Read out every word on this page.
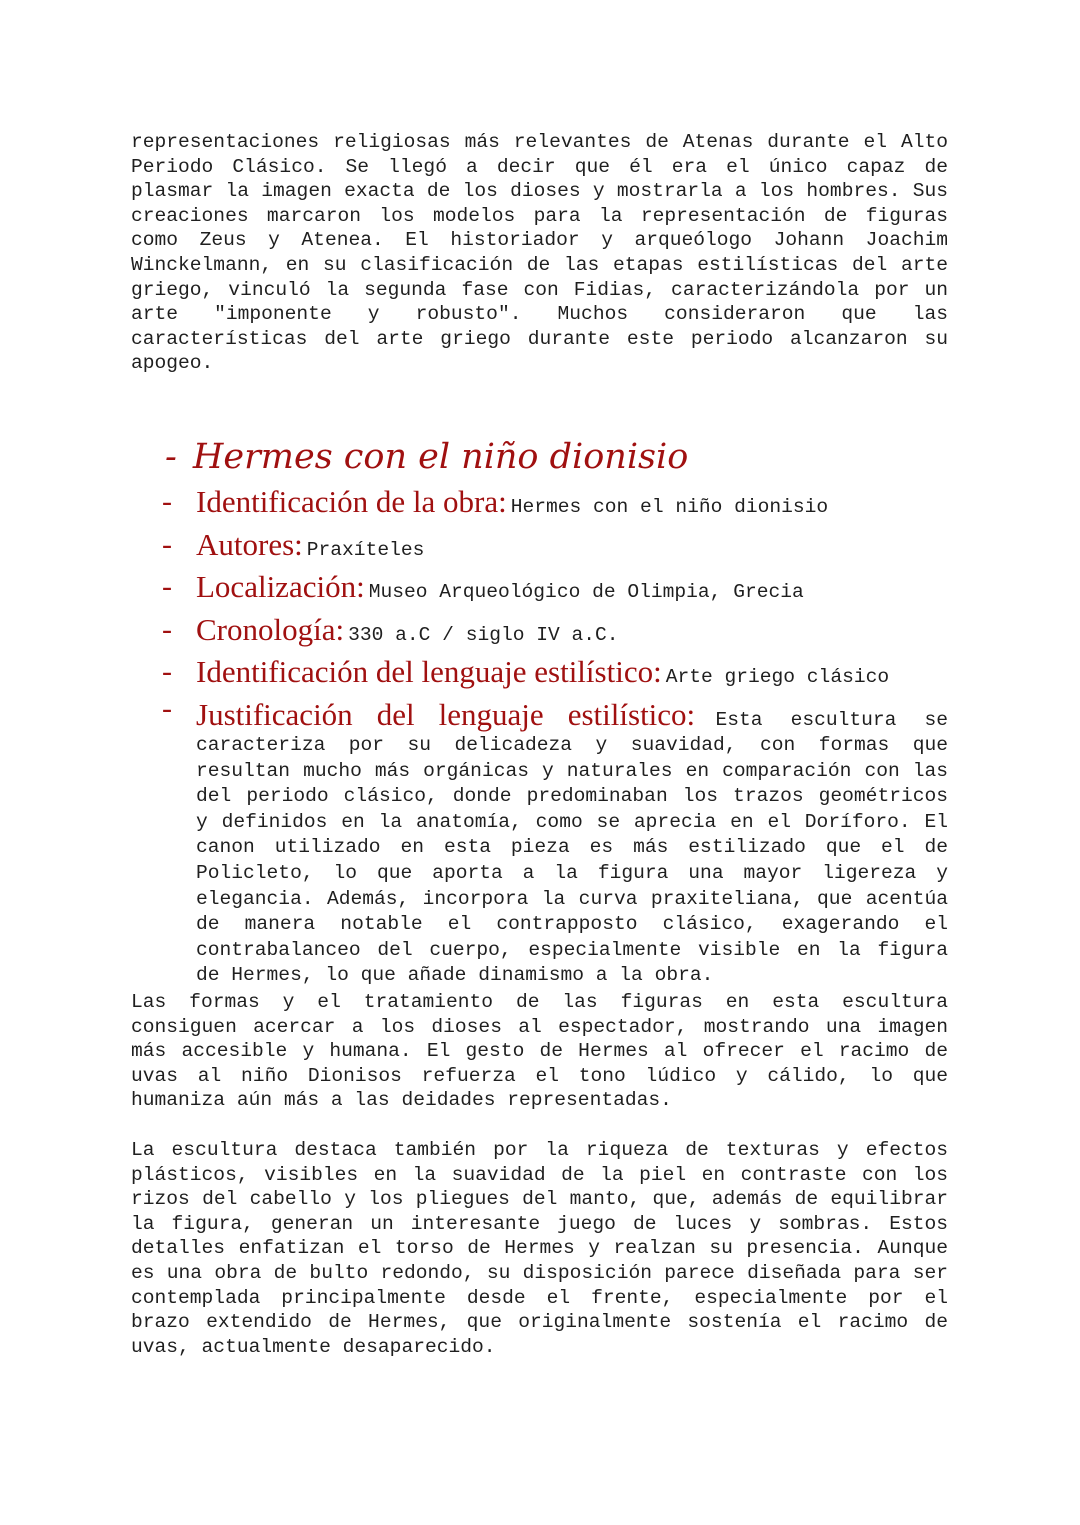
representaciones religiosas más relevantes de Atenas durante el Alto Periodo Clásico. Se llegó a decir que él era el único capaz de plasmar la imagen exacta de los dioses y mostrarla a los hombres. Sus creaciones marcaron los modelos para la representación de figuras como Zeus y Atenea. El historiador y arqueólogo Johann Joachim Winckelmann, en su clasificación de las etapas estilísticas del arte griego, vinculó la segunda fase con Fidias, caracterizándola por un arte "imponente y robusto". Muchos consideraron que las características del arte griego durante este periodo alcanzaron su apogeo.

- Hermes con el niño dionisio
- Identificación de la obra: Hermes con el niño dionisio
- Autores: Praxíteles
- Localización: Museo Arqueológico de Olimpia, Grecia
- Cronología: 330 a.C / siglo IV a.C.
- Identificación del lenguaje estilístico: Arte griego clásico
- Justificación del lenguaje estilístico: Esta escultura se caracteriza por su delicadeza y suavidad, con formas que resultan mucho más orgánicas y naturales en comparación con las del periodo clásico, donde predominaban los trazos geométricos y definidos en la anatomía, como se aprecia en el Doríforo. El canon utilizado en esta pieza es más estilizado que el de Policleto, lo que aporta a la figura una mayor ligereza y elegancia. Además, incorpora la curva praxiteliana, que acentúa de manera notable el contrapposto clásico, exagerando el contrabalanceo del cuerpo, especialmente visible en la figura de Hermes, lo que añade dinamismo a la obra.

Las formas y el tratamiento de las figuras en esta escultura consiguen acercar a los dioses al espectador, mostrando una imagen más accesible y humana. El gesto de Hermes al ofrecer el racimo de uvas al niño Dionisos refuerza el tono lúdico y cálido, lo que humaniza aún más a las deidades representadas.

La escultura destaca también por la riqueza de texturas y efectos plásticos, visibles en la suavidad de la piel en contraste con los rizos del cabello y los pliegues del manto, que, además de equilibrar la figura, generan un interesante juego de luces y sombras. Estos detalles enfatizan el torso de Hermes y realzan su presencia. Aunque es una obra de bulto redondo, su disposición parece diseñada para ser contemplada principalmente desde el frente, especialmente por el brazo extendido de Hermes, que originalmente sostenía el racimo de uvas, actualmente desaparecido.
